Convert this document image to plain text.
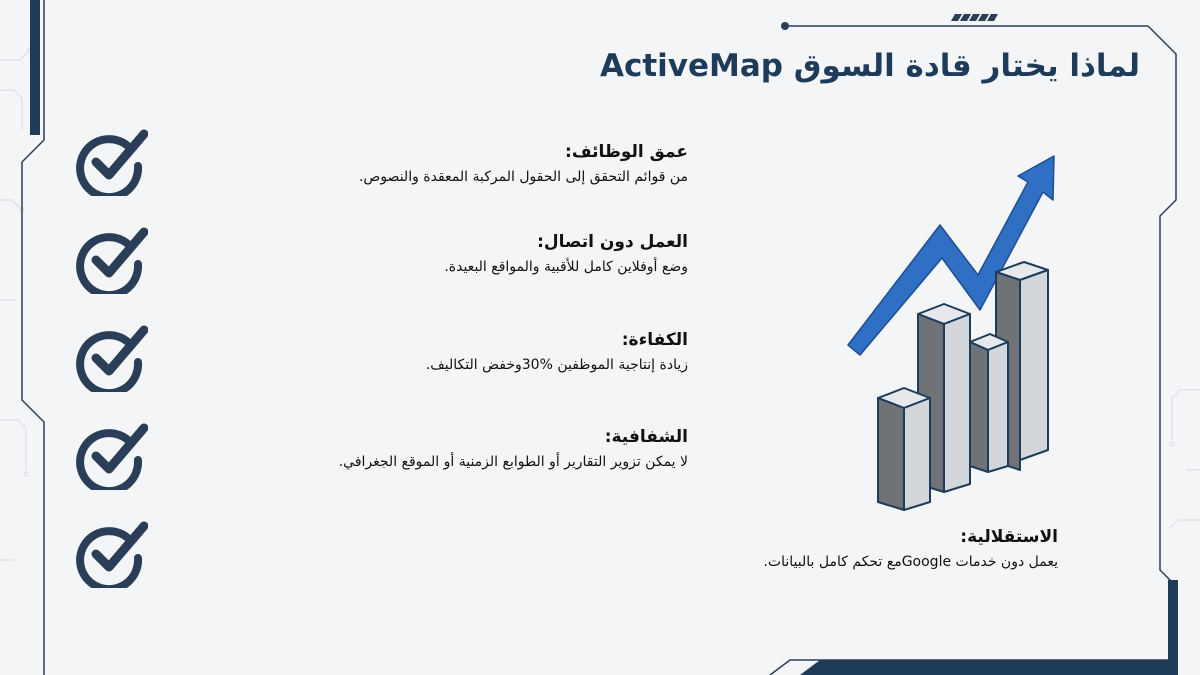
لماذا يختار قادة السوق ActiveMap

عمق الوظائف:

من قوائم التحقق إلى الحقول المركبة المعقدة والنصوص.

العمل دون اتصال:

وضع أوفلاين كامل للأقبية والمواقع البعيدة.

الكفاءة:

زيادة إنتاجية الموظفين %30وخفض التكاليف.

الشفافية:

لا يمكن تزوير التقارير أو الطوابع الزمنية أو الموقع الجغرافي.

الاستقلالية:

يعمل دون خدمات Googleمع تحكم كامل بالبيانات.
